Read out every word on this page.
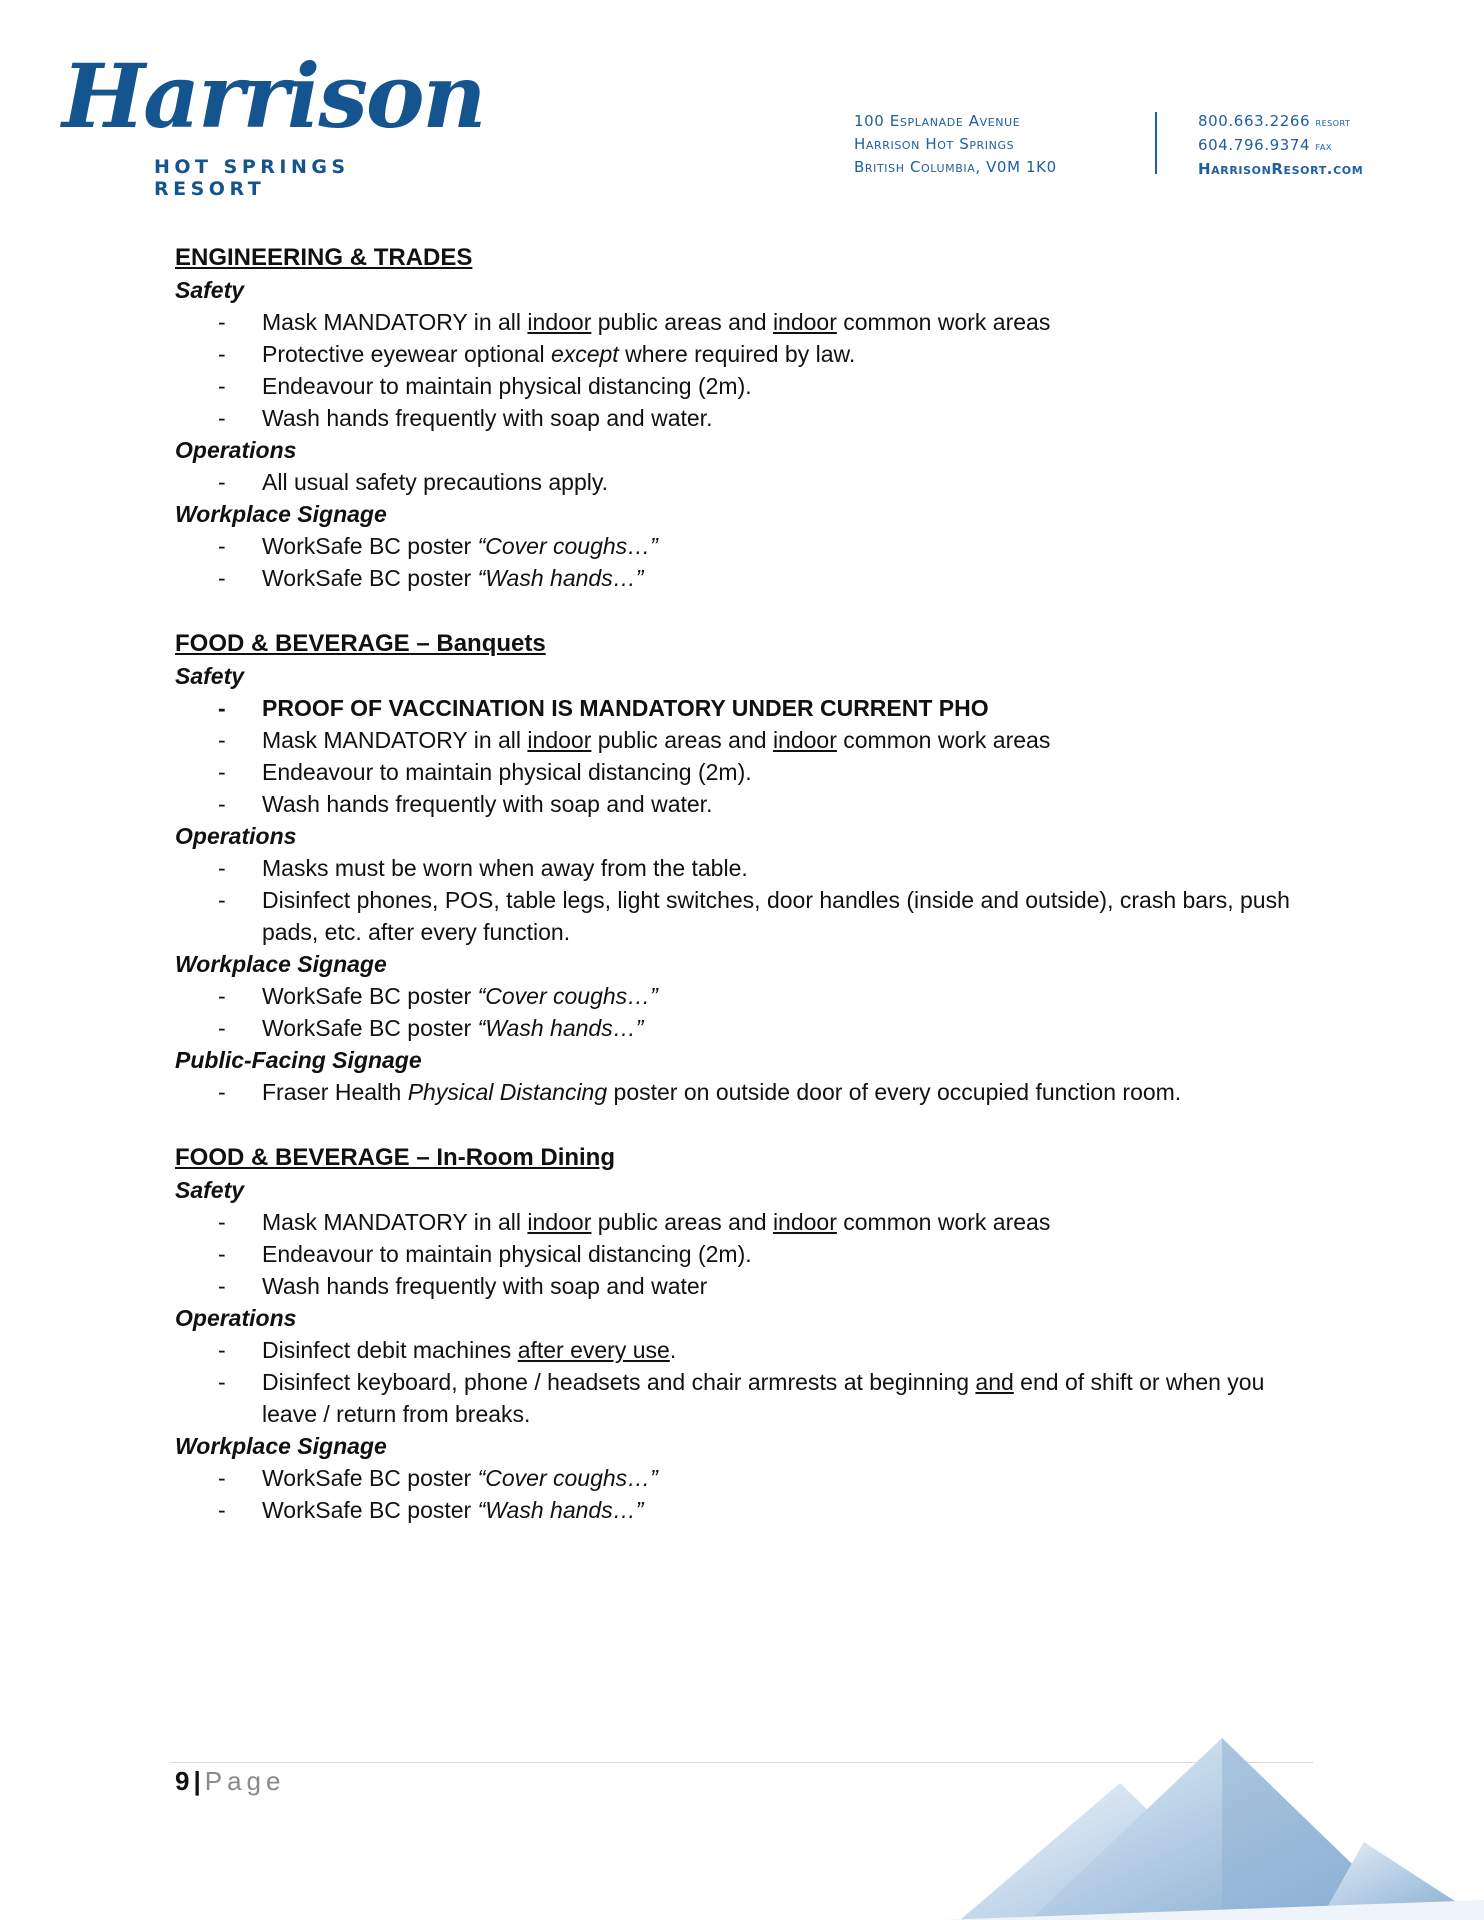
Harrison
HOT SPRINGS RESORT
100 Esplanade Avenue
Harrison Hot Springs
British Columbia, V0M 1K0
800.663.2266 resort
604.796.9374 fax
HarrisonResort.com
ENGINEERING & TRADES
Safety
- Mask MANDATORY in all indoor public areas and indoor common work areas
- Protective eyewear optional except where required by law.
- Endeavour to maintain physical distancing (2m).
- Wash hands frequently with soap and water.
Operations
- All usual safety precautions apply.
Workplace Signage
- WorkSafe BC poster “Cover coughs…”
- WorkSafe BC poster “Wash hands…”
FOOD & BEVERAGE – Banquets
Safety
- PROOF OF VACCINATION IS MANDATORY UNDER CURRENT PHO
- Mask MANDATORY in all indoor public areas and indoor common work areas
- Endeavour to maintain physical distancing (2m).
- Wash hands frequently with soap and water.
Operations
- Masks must be worn when away from the table.
- Disinfect phones, POS, table legs, light switches, door handles (inside and outside), crash bars, push pads, etc. after every function.
Workplace Signage
- WorkSafe BC poster “Cover coughs…”
- WorkSafe BC poster “Wash hands…”
Public-Facing Signage
- Fraser Health Physical Distancing poster on outside door of every occupied function room.
FOOD & BEVERAGE – In-Room Dining
Safety
- Mask MANDATORY in all indoor public areas and indoor common work areas
- Endeavour to maintain physical distancing (2m).
- Wash hands frequently with soap and water
Operations
- Disinfect debit machines after every use.
- Disinfect keyboard, phone / headsets and chair armrests at beginning and end of shift or when you leave / return from breaks.
Workplace Signage
- WorkSafe BC poster “Cover coughs…”
- WorkSafe BC poster “Wash hands…”
9 | Page
